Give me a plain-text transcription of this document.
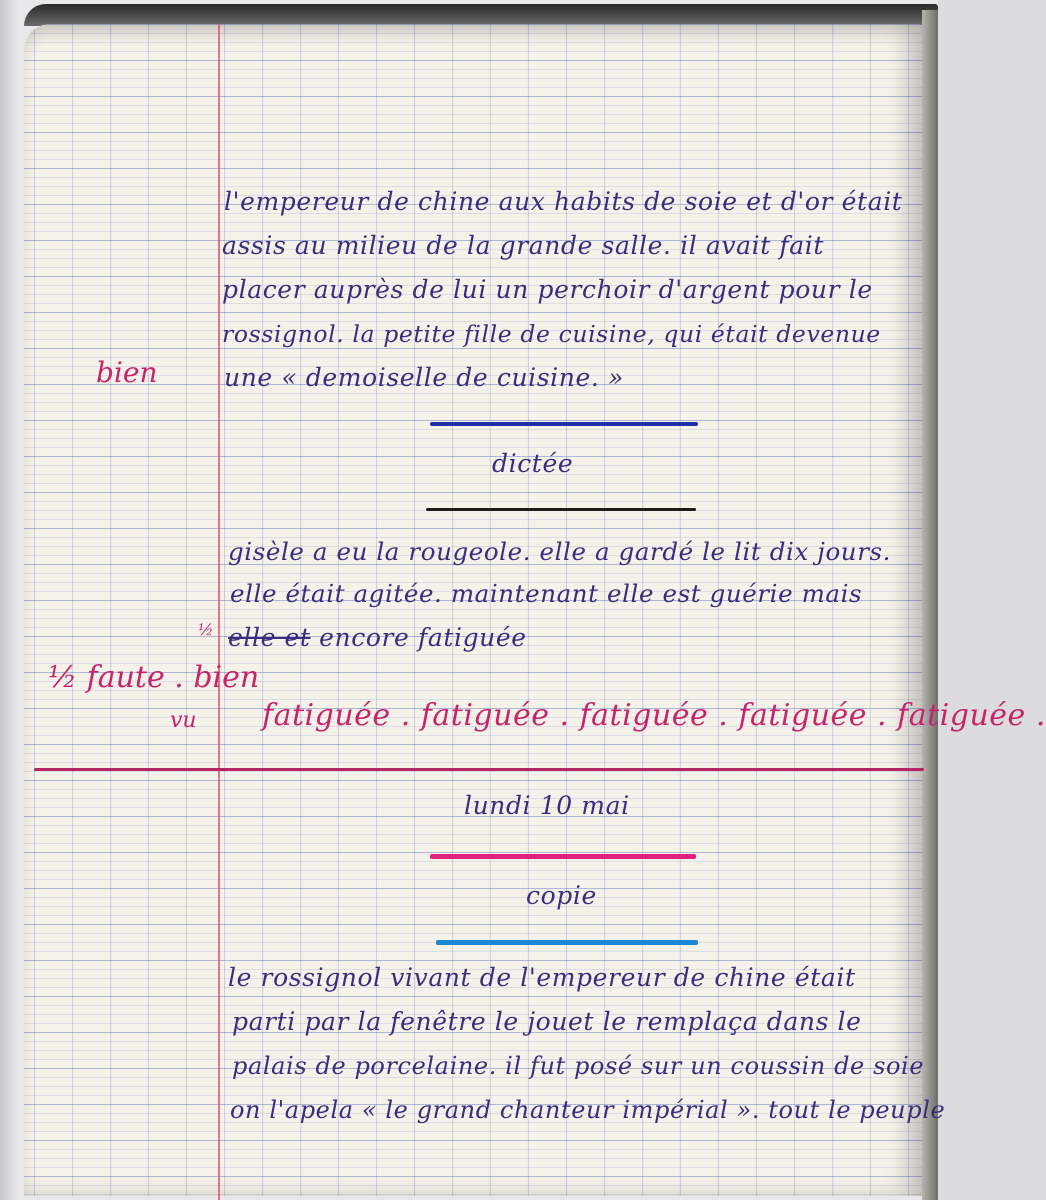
l'empereur de chine aux habits de soie et d'or était
assis au milieu de la grande salle. il avait fait
placer auprès de lui un perchoir d'argent pour le
rossignol. la petite fille de cuisine, qui était devenue
une « demoiselle de cuisine. »
bien
dictée
gisèle a eu la rougeole. elle a gardé le lit dix jours.
elle était agitée. maintenant elle est guérie mais
elle et encore fatiguée
½
½ faute . bien
vu fatiguée . fatiguée . fatiguée . fatiguée . fatiguée .
lundi 10 mai
copie
le rossignol vivant de l'empereur de chine était
parti par la fenêtre le jouet le remplaça dans le
palais de porcelaine. il fut posé sur un coussin de soie
on l'apela « le grand chanteur impérial ». tout le peuple
